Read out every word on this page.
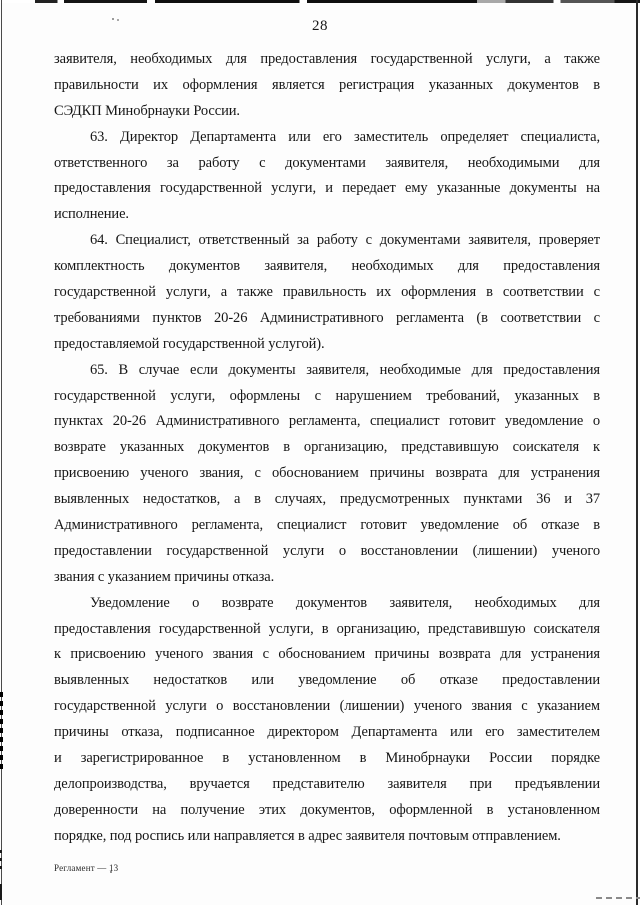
28
заявителя, необходимых для предоставления государственной услуги, а также
правильности их оформления является регистрация указанных документов в
СЭДКП Минобрнауки России.
63. Директор Департамента или его заместитель определяет специалиста,
ответственного за работу с документами заявителя, необходимыми для
предоставления государственной услуги, и передает ему указанные документы на
исполнение.
64. Специалист, ответственный за работу с документами заявителя, проверяет
комплектность документов заявителя, необходимых для предоставления
государственной услуги, а также правильность их оформления в соответствии с
требованиями пунктов 20-26 Административного регламента (в соответствии с
предоставляемой государственной услугой).
65. В случае если документы заявителя, необходимые для предоставления
государственной услуги, оформлены с нарушением требований, указанных в
пунктах 20-26 Административного регламента, специалист готовит уведомление о
возврате указанных документов в организацию, представившую соискателя к
присвоению ученого звания, с обоснованием причины возврата для устранения
выявленных недостатков, а в случаях, предусмотренных пунктами 36 и 37
Административного регламента, специалист готовит уведомление об отказе в
предоставлении государственной услуги о восстановлении (лишении) ученого
звания с указанием причины отказа.
Уведомление о возврате документов заявителя, необходимых для
предоставления государственной услуги, в организацию, представившую соискателя
к присвоению ученого звания с обоснованием причины возврата для устранения
выявленных недостатков или уведомление об отказе предоставлении
государственной услуги о восстановлении (лишении) ученого звания с указанием
причины отказа, подписанное директором Департамента или его заместителем
и зарегистрированное в установленном в Минобрнауки России порядке
делопроизводства, вручается представителю заявителя при предъявлении
доверенности на получение этих документов, оформленной в установленном
порядке, под роспись или направляется в адрес заявителя почтовым отправлением.
Регламент — 13
